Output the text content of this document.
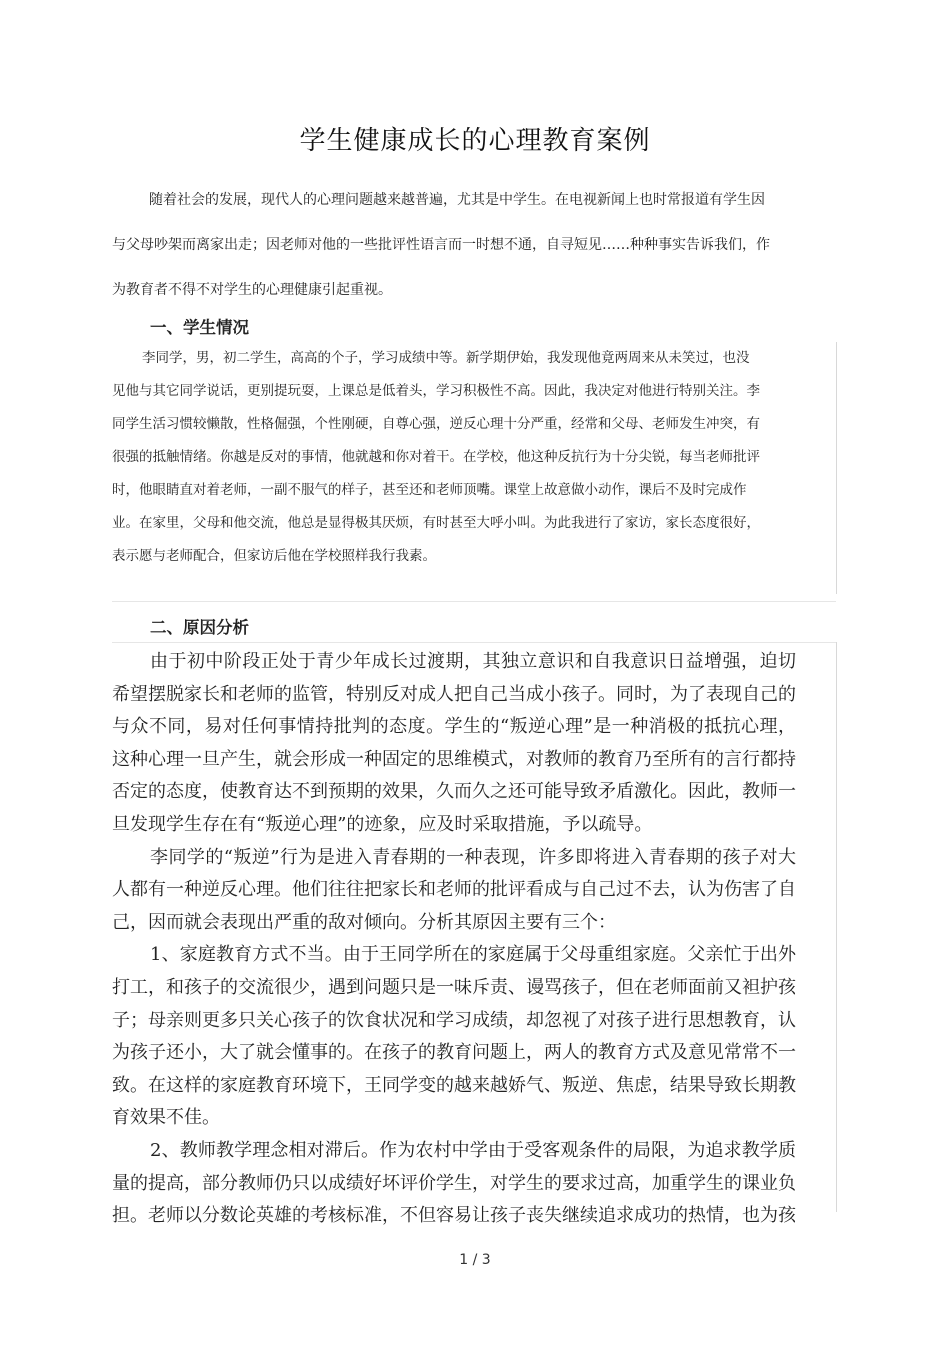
学生健康成长的心理教育案例

随着社会的发展，现代人的心理问题越来越普遍，尤其是中学生。在电视新闻上也时常报道有学生因与父母吵架而离家出走；因老师对他的一些批评性语言而一时想不通，自寻短见……种种事实告诉我们，作为教育者不得不对学生的心理健康引起重视。

一、学生情况

李同学，男，初二学生，高高的个子，学习成绩中等。新学期伊始，我发现他竟两周来从未笑过，也没见他与其它同学说话，更别提玩耍，上课总是低着头，学习积极性不高。因此，我决定对他进行特别关注。李同学生活习惯较懒散，性格倔强，个性刚硬，自尊心强，逆反心理十分严重，经常和父母、老师发生冲突，有很强的抵触情绪。你越是反对的事情，他就越和你对着干。在学校，他这种反抗行为十分尖锐，每当老师批评时，他眼睛直对着老师，一副不服气的样子，甚至还和老师顶嘴。课堂上故意做小动作，课后不及时完成作业。在家里，父母和他交流，他总是显得极其厌烦，有时甚至大呼小叫。为此我进行了家访，家长态度很好，表示愿与老师配合，但家访后他在学校照样我行我素。

二、原因分析

由于初中阶段正处于青少年成长过渡期，其独立意识和自我意识日益增强，迫切希望摆脱家长和老师的监管，特别反对成人把自己当成小孩子。同时，为了表现自己的与众不同，易对任何事情持批判的态度。学生的“叛逆心理”是一种消极的抵抗心理，这种心理一旦产生，就会形成一种固定的思维模式，对教师的教育乃至所有的言行都持否定的态度，使教育达不到预期的效果，久而久之还可能导致矛盾激化。因此，教师一旦发现学生存在有“叛逆心理”的迹象，应及时采取措施，予以疏导。

李同学的“叛逆”行为是进入青春期的一种表现，许多即将进入青春期的孩子对大人都有一种逆反心理。他们往往把家长和老师的批评看成与自己过不去，认为伤害了自己，因而就会表现出严重的敌对倾向。分析其原因主要有三个：

1、家庭教育方式不当。由于王同学所在的家庭属于父母重组家庭。父亲忙于出外打工，和孩子的交流很少，遇到问题只是一味斥责、谩骂孩子，但在老师面前又袒护孩子；母亲则更多只关心孩子的饮食状况和学习成绩，却忽视了对孩子进行思想教育，认为孩子还小，大了就会懂事的。在孩子的教育问题上，两人的教育方式及意见常常不一致。在这样的家庭教育环境下，王同学变的越来越娇气、叛逆、焦虑，结果导致长期教育效果不佳。

2、教师教学理念相对滞后。作为农村中学由于受客观条件的局限，为追求教学质量的提高，部分教师仍只以成绩好坏评价学生，对学生的要求过高，加重学生的课业负担。老师以分数论英雄的考核标准，不但容易让孩子丧失继续追求成功的热情，也为孩

1 / 3
